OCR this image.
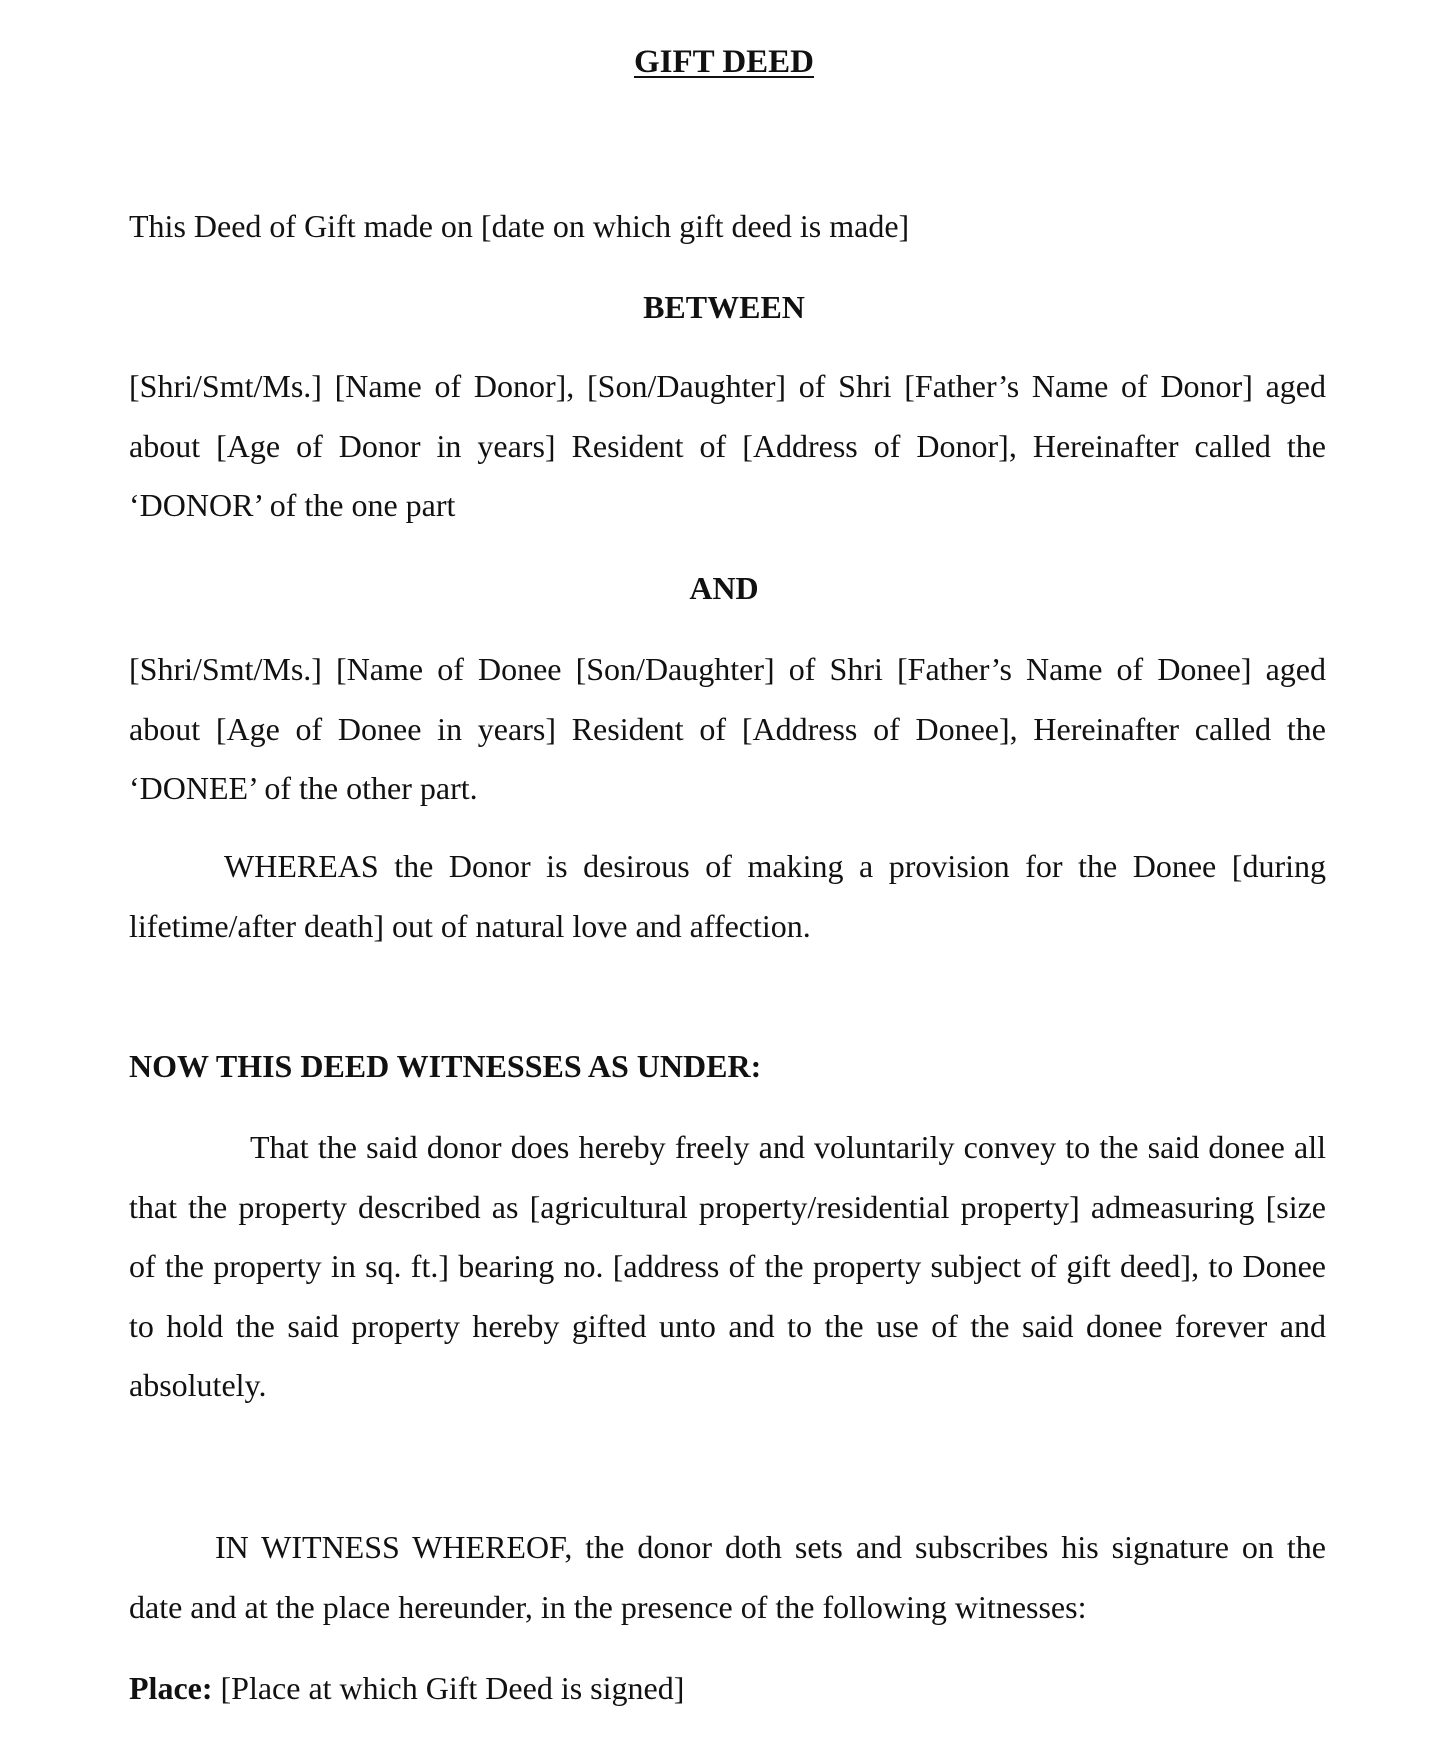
GIFT DEED

This Deed of Gift made on [date on which gift deed is made]

BETWEEN

[Shri/Smt/Ms.] [Name of Donor], [Son/Daughter] of Shri [Father’s Name of Donor] aged about [Age of Donor in years] Resident of [Address of Donor], Hereinafter called the ‘DONOR’ of the one part

AND

[Shri/Smt/Ms.] [Name of Donee [Son/Daughter] of Shri [Father’s Name of Donee] aged about [Age of Donee in years] Resident of [Address of Donee], Hereinafter called the ‘DONEE’ of the other part.

WHEREAS the Donor is desirous of making a provision for the Donee [during lifetime/after death] out of natural love and affection.

NOW THIS DEED WITNESSES AS UNDER:

That the said donor does hereby freely and voluntarily convey to the said donee all that the property described as [agricultural property/residential property] admeasuring [size of the property in sq. ft.] bearing no. [address of the property subject of gift deed], to Donee to hold the said property hereby gifted unto and to the use of the said donee forever and absolutely.

IN WITNESS WHEREOF, the donor doth sets and subscribes his signature on the date and at the place hereunder, in the presence of the following witnesses:

Place: [Place at which Gift Deed is signed]
